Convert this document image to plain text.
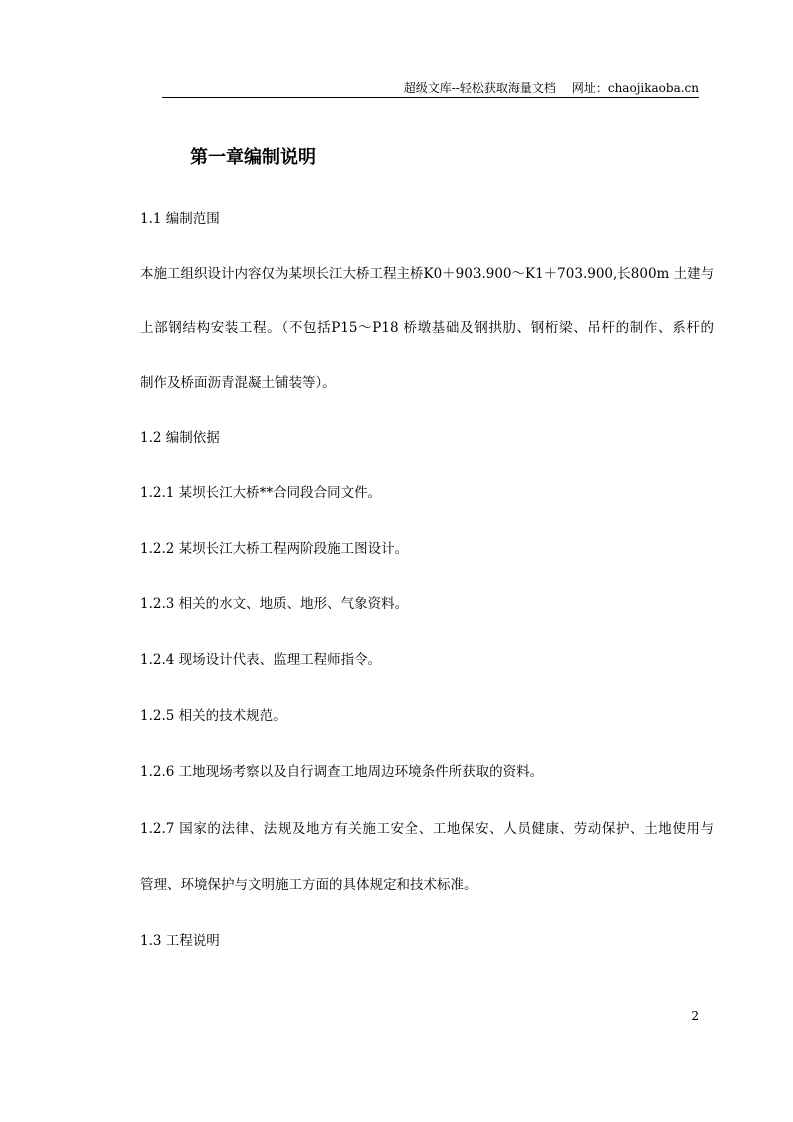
超级文库--轻松获取海量文档 网址：chaojikaoba.cn
第一章编制说明
1.1 编制范围
本施工组织设计内容仅为某坝长江大桥工程主桥K0＋903.900～K1＋703.900,长800m 土建与
上部钢结构安装工程。（不包括P15～P18 桥墩基础及钢拱肋、钢桁梁、吊杆的制作、系杆的
制作及桥面沥青混凝土铺装等）。
1.2 编制依据
1.2.1 某坝长江大桥**合同段合同文件。
1.2.2 某坝长江大桥工程两阶段施工图设计。
1.2.3 相关的水文、地质、地形、气象资料。
1.2.4 现场设计代表、监理工程师指令。
1.2.5 相关的技术规范。
1.2.6 工地现场考察以及自行调查工地周边环境条件所获取的资料。
1.2.7 国家的法律、法规及地方有关施工安全、工地保安、人员健康、劳动保护、土地使用与
管理、环境保护与文明施工方面的具体规定和技术标准。
1.3 工程说明
2
